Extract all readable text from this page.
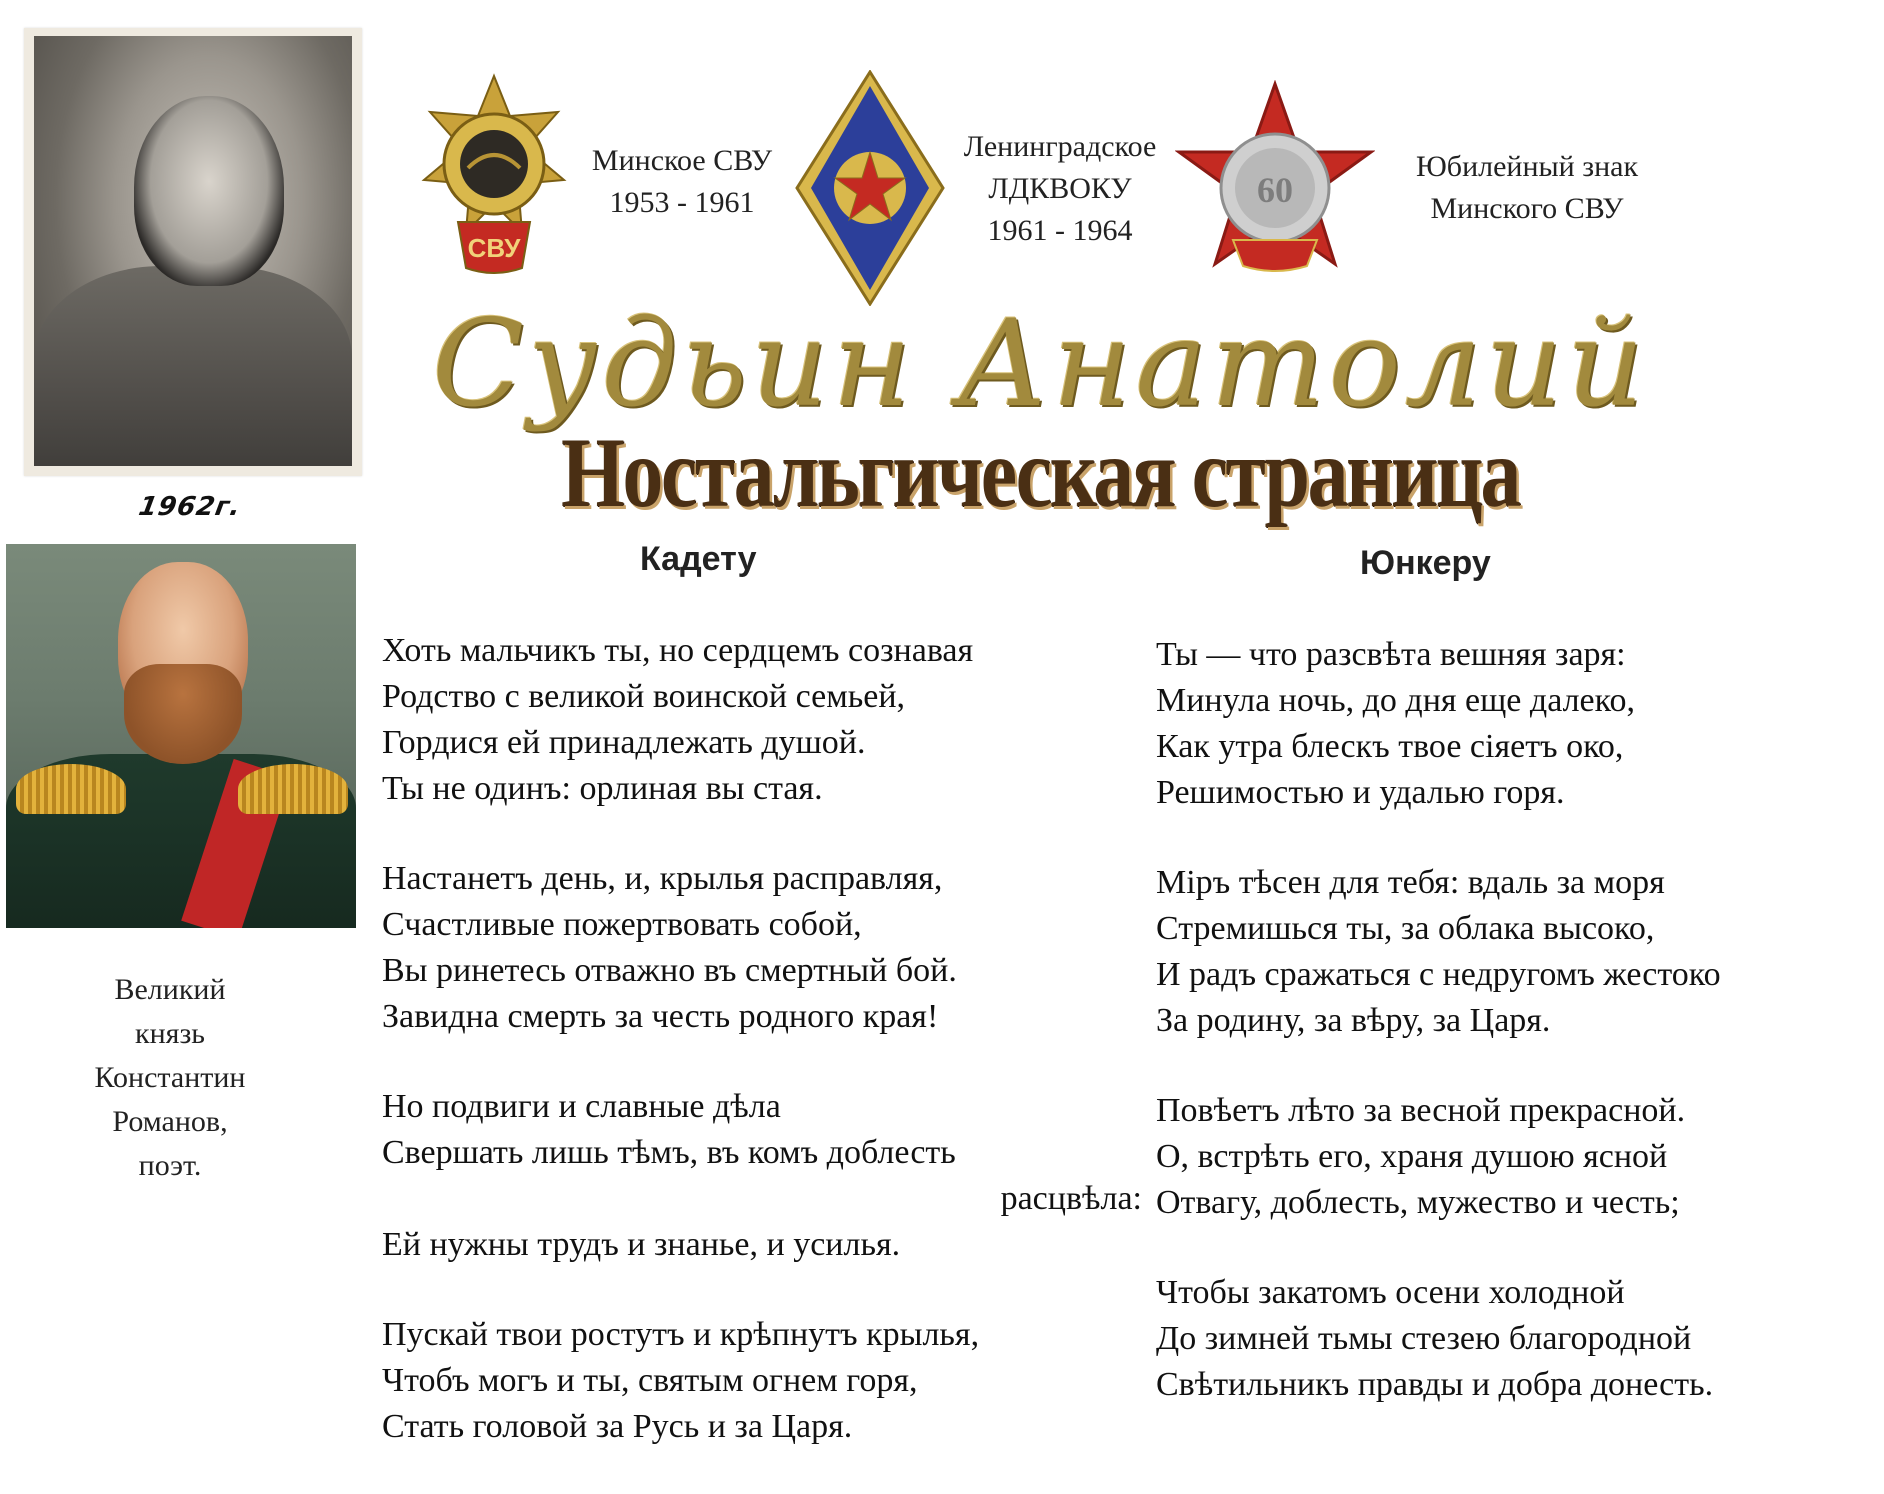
1962г.
Великий
князь
Константин
Романов,
поэт.
СВУ
Минское СВУ
1953 - 1961
Ленинградское
ЛДКВОКУ
1961 - 1964
60
Юбилейный знак
Минского СВУ
Судьин Анатолий
Ностальгическая страница
Кадету	Юнкеру
Хоть мальчикъ ты, но сердцемъ сознавая
Родство с великой воинской семьей,
Гордися ей принадлежать душой.
Ты не одинъ: орлиная вы стая.
Настанетъ день, и, крылья расправляя,
Счастливые пожертвовать собой,
Вы ринетесь отважно въ смертный бой.
Завидна смерть за честь родного края!
Но подвиги и славные дѣла
Свершать лишь тѣмъ, въ комъ доблесть
расцвѣла:
Ей нужны трудъ и знанье, и усилья.
Пускай твои ростутъ и крѣпнутъ крылья,
Чтобъ могъ и ты, святым огнем горя,
Стать головой за Русь и за Царя.
Ты — что разсвѣта вешняя заря:
Минула ночь, до дня еще далеко,
Как утра блескъ твое сіяетъ око,
Решимостью и удалью горя.
Міръ тѣсен для тебя: вдаль за моря
Стремишься ты, за облака высоко,
И радъ сражаться с недругомъ жестоко
За родину, за вѣру, за Царя.
Повѣетъ лѣто за весной прекрасной.
О, встрѣть его, храня душою ясной
Отвагу, доблесть, мужество и честь;
Чтобы закатомъ осени холодной
До зимней тьмы стезею благородной
Свѣтильникъ правды и добра донесть.
